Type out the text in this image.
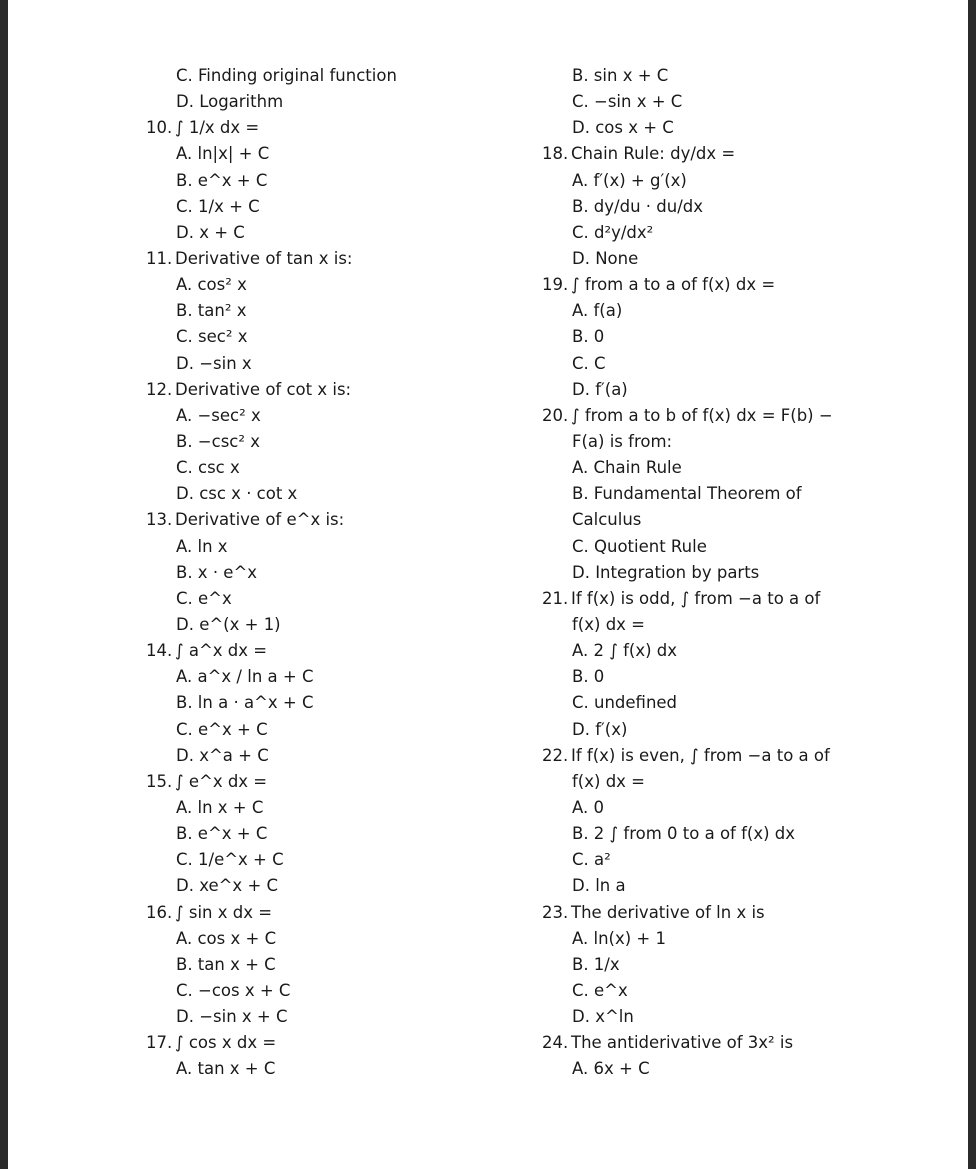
C. Finding original function
D. Logarithm
10. ∫ 1/x dx =
A. ln|x| + C
B. e^x + C
C. 1/x + C
D. x + C
11. Derivative of tan x is:
A. cos² x
B. tan² x
C. sec² x
D. −sin x
12. Derivative of cot x is:
A. −sec² x
B. −csc² x
C. csc x
D. csc x · cot x
13. Derivative of e^x is:
A. ln x
B. x · e^x
C. e^x
D. e^(x + 1)
14. ∫ a^x dx =
A. a^x / ln a + C
B. ln a · a^x + C
C. e^x + C
D. x^a + C
15. ∫ e^x dx =
A. ln x + C
B. e^x + C
C. 1/e^x + C
D. xe^x + C
16. ∫ sin x dx =
A. cos x + C
B. tan x + C
C. −cos x + C
D. −sin x + C
17. ∫ cos x dx =
A. tan x + C
B. sin x + C
C. −sin x + C
D. cos x + C
18. Chain Rule: dy/dx =
A. f′(x) + g′(x)
B. dy/du · du/dx
C. d²y/dx²
D. None
19. ∫ from a to a of f(x) dx =
A. f(a)
B. 0
C. C
D. f′(a)
20. ∫ from a to b of f(x) dx = F(b) −
F(a) is from:
A. Chain Rule
B. Fundamental Theorem of
Calculus
C. Quotient Rule
D. Integration by parts
21. If f(x) is odd, ∫ from −a to a of
f(x) dx =
A. 2 ∫ f(x) dx
B. 0
C. undefined
D. f′(x)
22. If f(x) is even, ∫ from −a to a of
f(x) dx =
A. 0
B. 2 ∫ from 0 to a of f(x) dx
C. a²
D. ln a
23. The derivative of ln x is
A. ln(x) + 1
B. 1/x
C. e^x
D. x^ln
24. The antiderivative of 3x² is
A. 6x + C
